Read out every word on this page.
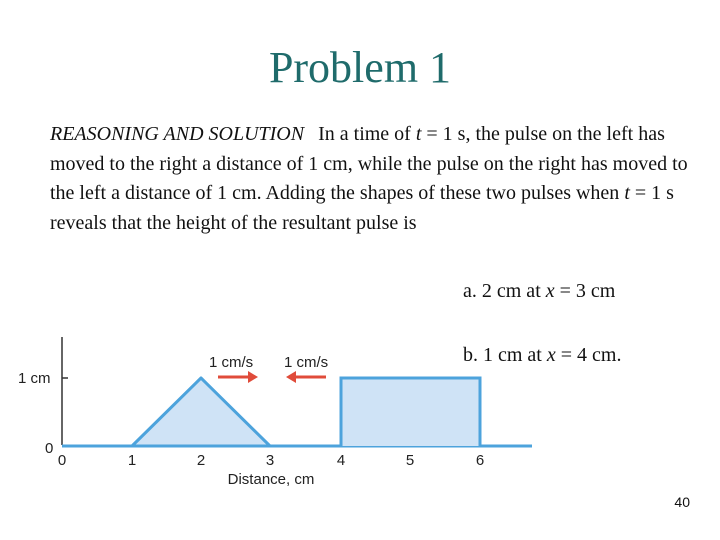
Problem 1

REASONING AND SOLUTION In a time of t = 1 s, the pulse on the left has moved to the right a distance of 1 cm, while the pulse on the right has moved to the left a distance of 1 cm. Adding the shapes of these two pulses when t = 1 s reveals that the height of the resultant pulse is

a. 2 cm at x = 3 cm
b. 1 cm at x = 4 cm.
1 cm
0
1 cm/s 1 cm/s
0	1	2	3	4	5	6
Distance, cm
40
